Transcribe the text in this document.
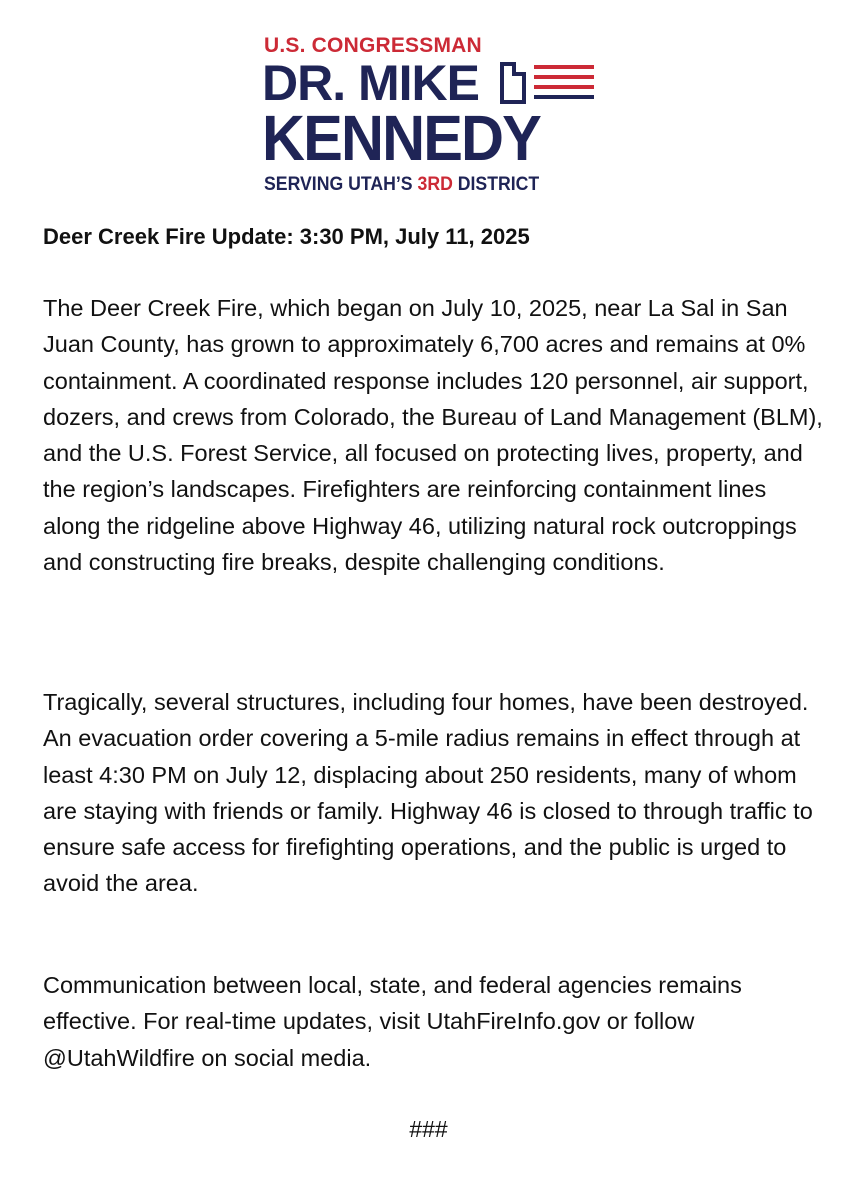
U.S. CONGRESSMAN
DR. MIKE
KENNEDY
SERVING UTAH’S 3RD DISTRICT
Deer Creek Fire Update: 3:30 PM, July 11, 2025

The Deer Creek Fire, which began on July 10, 2025, near La Sal in San Juan County, has grown to approximately 6,700 acres and remains at 0% containment. A coordinated response includes 120 personnel, air support, dozers, and crews from Colorado, the Bureau of Land Management (BLM), and the U.S. Forest Service, all focused on protecting lives, property, and the region’s landscapes. Firefighters are reinforcing containment lines along the ridgeline above Highway 46, utilizing natural rock outcroppings and constructing fire breaks, despite challenging conditions.

Tragically, several structures, including four homes, have been destroyed. An evacuation order covering a 5-mile radius remains in effect through at least 4:30 PM on July 12, displacing about 250 residents, many of whom are staying with friends or family. Highway 46 is closed to through traffic to ensure safe access for firefighting operations, and the public is urged to avoid the area.

Communication between local, state, and federal agencies remains effective. For real-time updates, visit UtahFireInfo.gov or follow @UtahWildfire on social media.

###
